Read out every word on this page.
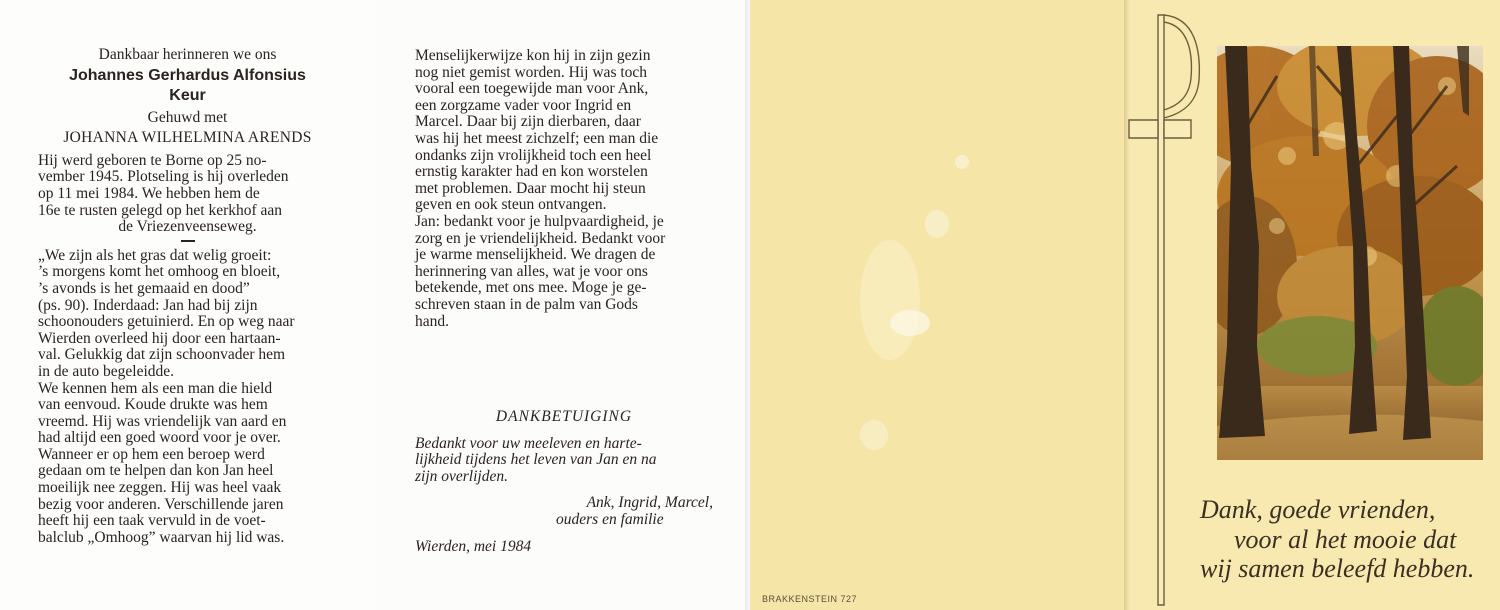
Dankbaar herinneren we ons
Johannes Gerhardus Alfonsius
Keur
Gehuwd met
JOHANNA WILHELMINA ARENDS
Hij werd geboren te Borne op 25 no-
vember 1945. Plotseling is hij overleden
op 11 mei 1984. We hebben hem de
16e te rusten gelegd op het kerkhof aan
de Vriezenveenseweg.
„We zijn als het gras dat welig groeit:
’s morgens komt het omhoog en bloeit,
’s avonds is het gemaaid en dood”
(ps. 90). Inderdaad: Jan had bij zijn
schoonouders getuinierd. En op weg naar
Wierden overleed hij door een hartaan-
val. Gelukkig dat zijn schoonvader hem
in de auto begeleidde.
We kennen hem als een man die hield
van eenvoud. Koude drukte was hem
vreemd. Hij was vriendelijk van aard en
had altijd een goed woord voor je over.
Wanneer er op hem een beroep werd
gedaan om te helpen dan kon Jan heel
moeilijk nee zeggen. Hij was heel vaak
bezig voor anderen. Verschillende jaren
heeft hij een taak vervuld in de voet-
balclub „Omhoog” waarvan hij lid was.
Menselijkerwijze kon hij in zijn gezin
nog niet gemist worden. Hij was toch
vooral een toegewijde man voor Ank,
een zorgzame vader voor Ingrid en
Marcel. Daar bij zijn dierbaren, daar
was hij het meest zichzelf; een man die
ondanks zijn vrolijkheid toch een heel
ernstig karakter had en kon worstelen
met problemen. Daar mocht hij steun
geven en ook steun ontvangen.
Jan: bedankt voor je hulpvaardigheid, je
zorg en je vriendelijkheid. Bedankt voor
je warme menselijkheid. We dragen de
herinnering van alles, wat je voor ons
betekende, met ons mee. Moge je ge-
schreven staan in de palm van Gods
hand.
DANKBETUIGING
Bedankt voor uw meeleven en harte-
lijkheid tijdens het leven van Jan en na
zijn overlijden.
Ank, Ingrid, Marcel,
ouders en familie
Wierden, mei 1984
BRAKKENSTEIN 727
Dank, goede vrienden,
voor al het mooie dat
wij samen beleefd hebben.
